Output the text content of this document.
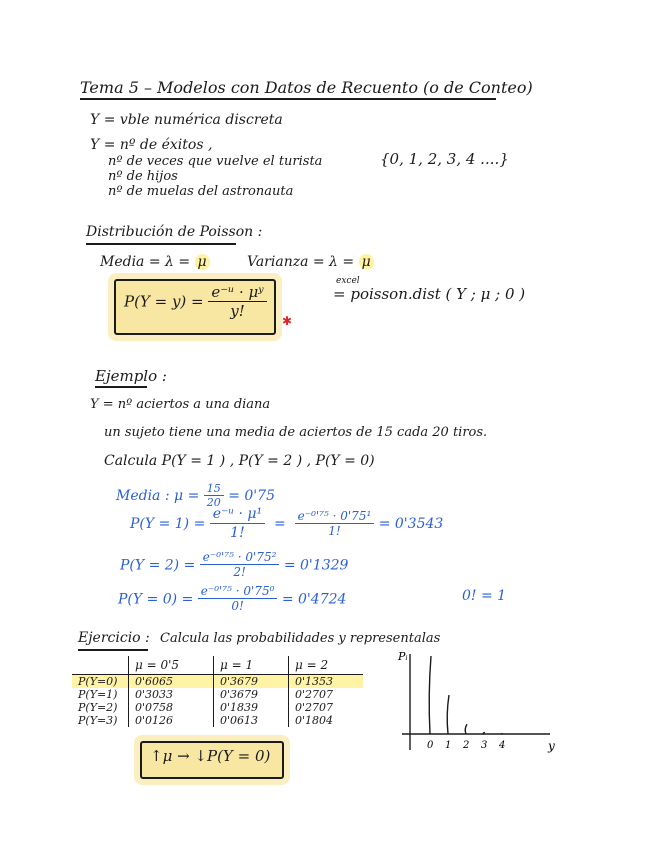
Tema 5 – Modelos con Datos de Recuento (o de Conteo)
Y = vble numérica discreta
Y = nº de éxitos ,
nº de veces que vuelve el turista
nº de hijos
nº de muelas del astronauta
{0, 1, 2, 3, 4 ....}
Distribución de Poisson :
Media = λ = μ	Varianza = λ = μ
$P(Y = y) = \frac{\text{e⁻ᵘ · μʸ}}{y!}$ ✱
excel
= poisson.dist ( Y ; μ ; 0 )
Ejemplo :
Y = nº aciertos a una diana
un sujeto tiene una media de aciertos de 15 cada 20 tiros.
Calcula P(Y = 1 ) , P(Y = 2 ) , P(Y = 0)
Media : $\mu = \frac{15}{20} = 0'75$
$P(Y = 1) = \frac{\text{e⁻ᵘ · μ¹}}{1!} = \frac{\text{e⁻⁰'⁷⁵ · 0'75¹}}{1!} = 0'3543$
$P(Y = 2) = \frac{\text{e⁻⁰'⁷⁵ · 0'75²}}{2!} = 0'1329$
$P(Y = 0) = \frac{\text{e⁻⁰'⁷⁵ · 0'75⁰}}{0!} = 0'4724$	0! = 1
Ejercicio : Calcula las probabilidades y representalas
	μ = 0'5	μ = 1	μ = 2
P(Y=0)	0'6065	0'3679	0'1353
P(Y=1)	0'3033	0'3679	0'2707
P(Y=2)	0'0758	0'1839	0'2707
P(Y=3)	0'0126	0'0613	0'1804
↑μ → ↓P(Y = 0)
Pᵢ
y
0 1 2 3 4
